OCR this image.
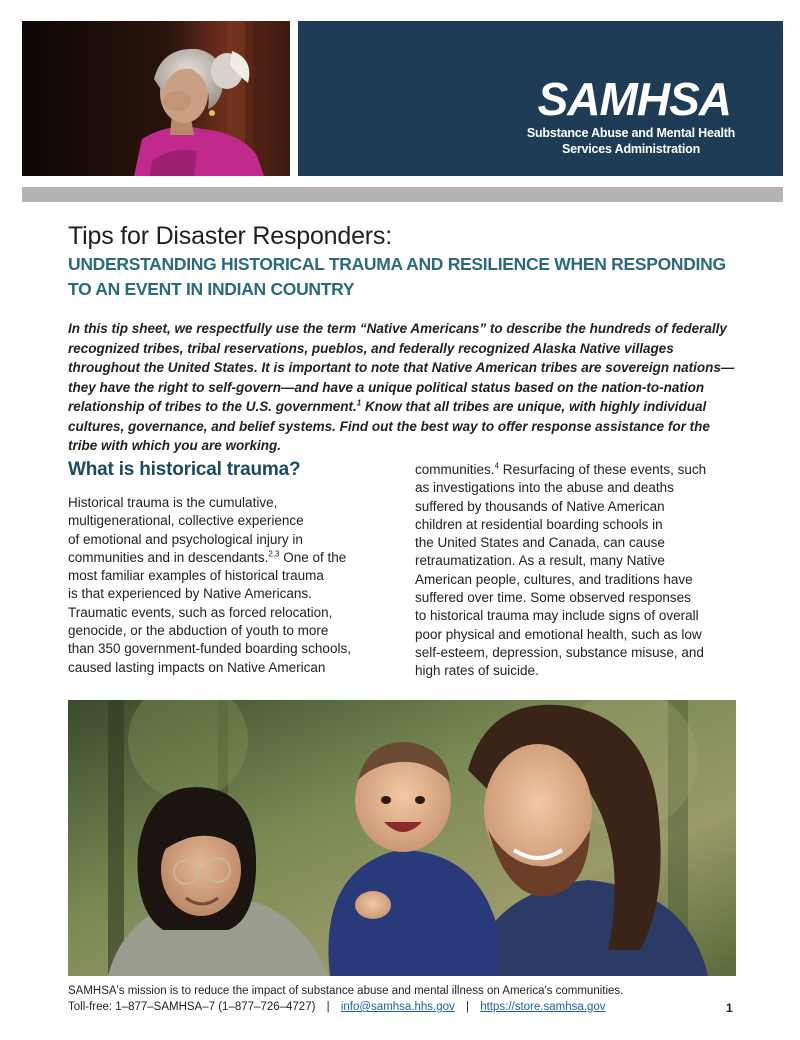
SAMHSA
Substance Abuse and Mental Health Services Administration
Tips for Disaster Responders:
UNDERSTANDING HISTORICAL TRAUMA AND RESILIENCE WHEN RESPONDING TO AN EVENT IN INDIAN COUNTRY

In this tip sheet, we respectfully use the term “Native Americans” to describe the hundreds of federally recognized tribes, tribal reservations, pueblos, and federally recognized Alaska Native villages throughout the United States. It is important to note that Native American tribes are sovereign nations—they have the right to self-govern—and have a unique political status based on the nation-to-nation relationship of tribes to the U.S. government.$^1$ Know that all tribes are unique, with highly individual cultures, governance, and belief systems. Find out the best way to offer response assistance for the tribe with which you are working.

What is historical trauma?

Historical trauma is the cumulative,
multigenerational, collective experience
of emotional and psychological injury in
communities and in descendants.$^{2,3}$ One of the
most familiar examples of historical trauma
is that experienced by Native Americans.
Traumatic events, such as forced relocation,
genocide, or the abduction of youth to more
than 350 government-funded boarding schools,
caused lasting impacts on Native American

communities.$^4$ Resurfacing of these events, such
as investigations into the abuse and deaths
suffered by thousands of Native American
children at residential boarding schools in
the United States and Canada, can cause
retraumatization. As a result, many Native
American people, cultures, and traditions have
suffered over time. Some observed responses
to historical trauma may include signs of overall
poor physical and emotional health, such as low
self-esteem, depression, substance misuse, and
high rates of suicide.

SAMHSA's mission is to reduce the impact of substance abuse and mental illness on America's communities.

Toll-free: 1–877–SAMHSA–7 (1–877–726–4727) | info@samhsa.hhs.gov | https://store.samhsa.gov	1
